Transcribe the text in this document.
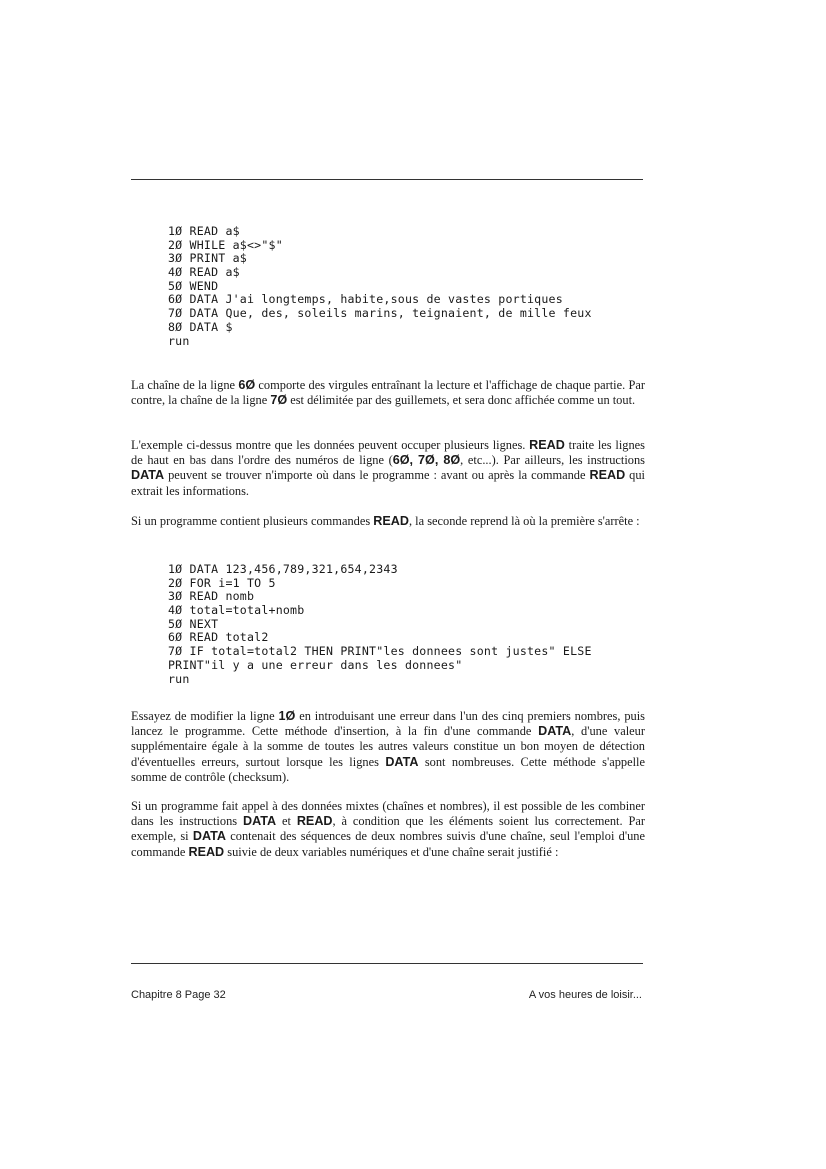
1Ø READ a$
2Ø WHILE a$<>"$"
3Ø PRINT a$
4Ø READ a$
5Ø WEND
6Ø DATA J'ai longtemps, habite,sous de vastes portiques
7Ø DATA Que, des, soleils marins, teignaient, de mille feux
8Ø DATA $
run

La chaîne de la ligne 6Ø comporte des virgules entraînant la lecture et l'affichage de chaque partie. Par contre, la chaîne de la ligne 7Ø est délimitée par des guillemets, et sera donc affichée comme un tout.

L'exemple ci-dessus montre que les données peuvent occuper plusieurs lignes. READ traite les lignes de haut en bas dans l'ordre des numéros de ligne (6Ø, 7Ø, 8Ø, etc...). Par ailleurs, les instructions DATA peuvent se trouver n'importe où dans le programme : avant ou après la commande READ qui extrait les informations.

Si un programme contient plusieurs commandes READ, la seconde reprend là où la première s'arrête :

1Ø DATA 123,456,789,321,654,2343
2Ø FOR i=1 TO 5
3Ø READ nomb
4Ø total=total+nomb
5Ø NEXT
6Ø READ total2
7Ø IF total=total2 THEN PRINT"les donnees sont justes" ELSE
PRINT"il y a une erreur dans les donnees"
run

Essayez de modifier la ligne 1Ø en introduisant une erreur dans l'un des cinq premiers nombres, puis lancez le programme. Cette méthode d'insertion, à la fin d'une commande DATA, d'une valeur supplémentaire égale à la somme de toutes les autres valeurs constitue un bon moyen de détection d'éventuelles erreurs, surtout lorsque les lignes DATA sont nombreuses. Cette méthode s'appelle somme de contrôle (checksum).

Si un programme fait appel à des données mixtes (chaînes et nombres), il est possible de les combiner dans les instructions DATA et READ, à condition que les éléments soient lus correctement. Par exemple, si DATA contenait des séquences de deux nombres suivis d'une chaîne, seul l'emploi d'une commande READ suivie de deux variables numériques et d'une chaîne serait justifié :

Chapitre 8 Page 32	A vos heures de loisir...
